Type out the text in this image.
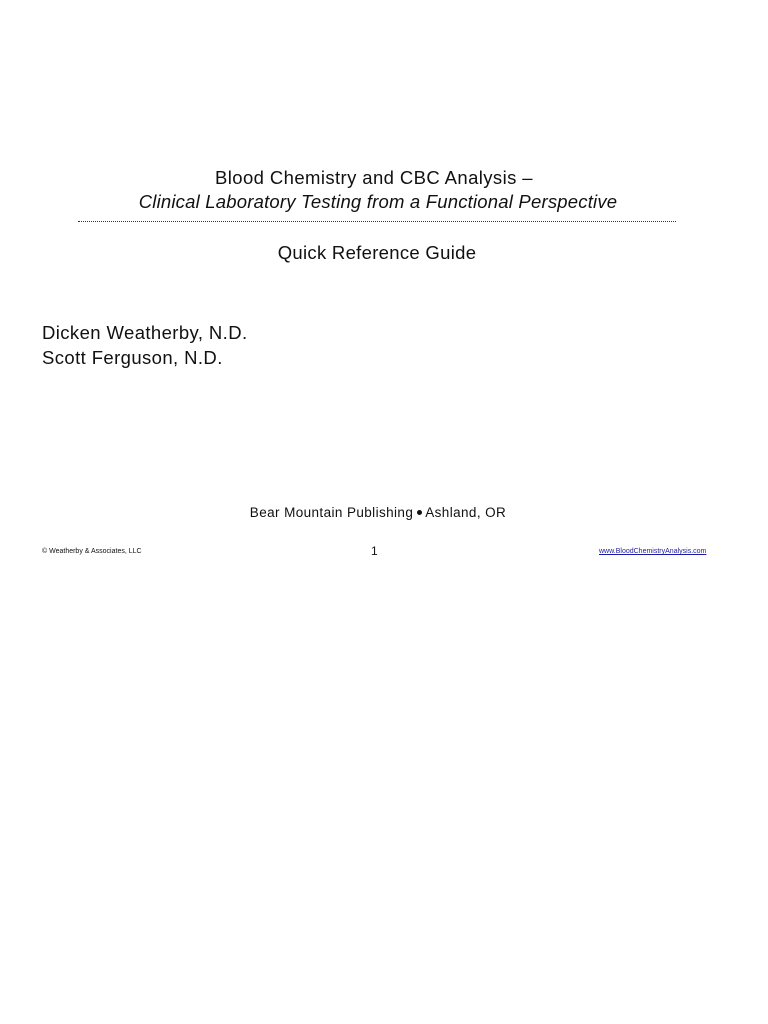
Blood Chemistry and CBC Analysis –
Clinical Laboratory Testing from a Functional Perspective
Quick Reference Guide
Dicken Weatherby, N.D.
Scott Ferguson, N.D.
Bear Mountain Publishing Ashland, OR
© Weatherby & Associates, LLC	1	www.BloodChemistryAnalysis.com
